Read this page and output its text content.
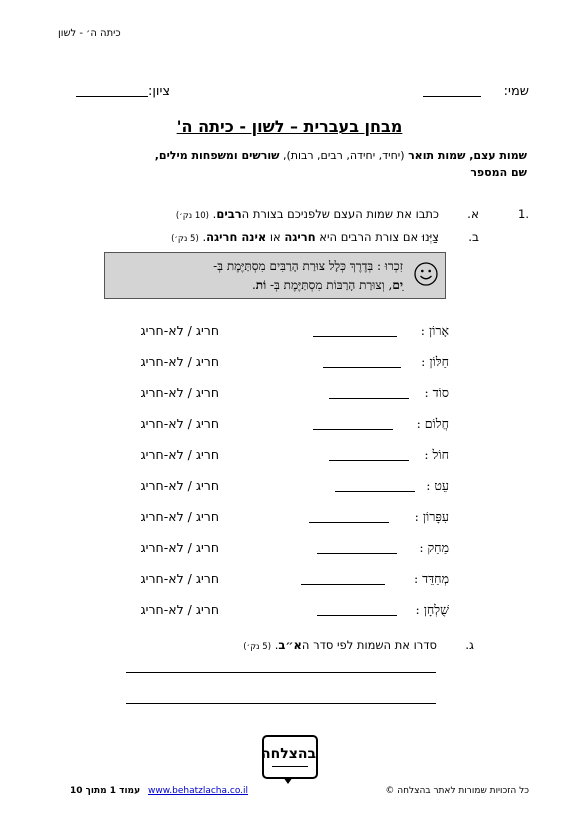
כיתה ה׳ - לשון
שמי:
ציון:
מבחן בעברית – לשון - כיתה ה'
שמות עצם, שמות תואר (יחיד, יחידה, רבים, רבות), שורשים ומשפחות מילים,
שם המספר
1.
א.
כתבו את שמות העצם שלפניכם בצורת הרבים. (10 נק׳)
ב.
צַיְּנוּ אם צורת הרבים היא חריגה או אינה חריגה. (5 נק׳)
זִכְרוּ : בְּדֶרֶךְ כְּלָל צוּרַת הָרַבִּים מִסְתַּיֶּמֶת בְּ-
ִים, וְצוּרַת הָרַבּוֹת מִסְתַּיֶּמֶת בְּ- וֹת.
אָרוֹן :
חריג / לא-חריג
חַלּוֹן :
חריג / לא-חריג
סוֹד :
חריג / לא-חריג
חֲלוֹם :
חריג / לא-חריג
חוֹל :
חריג / לא-חריג
עֵט :
חריג / לא-חריג
עִפָּרוֹן :
חריג / לא-חריג
מַחַק :
חריג / לא-חריג
מְחַדֵּד :
חריג / לא-חריג
שֻׁלְחָן :
חריג / לא-חריג
ג.
סדרו את השמות לפי סדר הא״ב. (5 נק׳)
בהצלחה
כל הזכויות שמורות לאתר בהצלחה ©
www.behatzlacha.co.il
עמוד 1 מתוך 10
